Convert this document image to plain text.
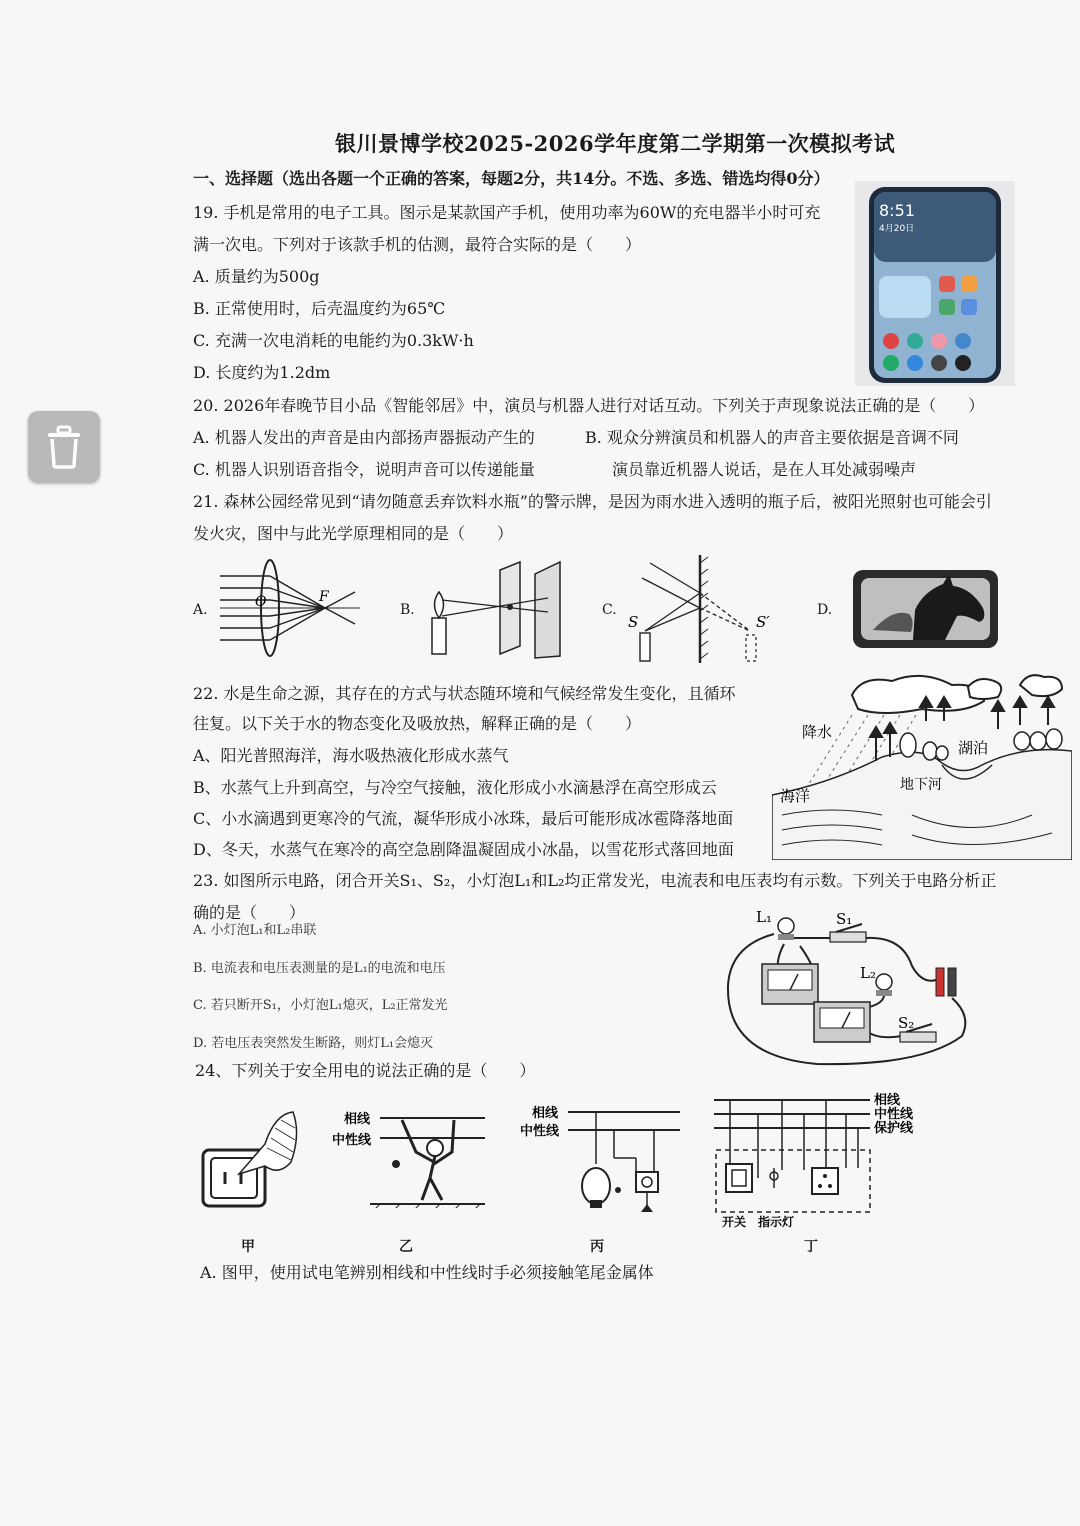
银川景博学校2025-2026学年度第二学期第一次模拟考试
一、选择题（选出各题一个正确的答案，每题2分，共14分。不选、多选、错选均得0分）
19. 手机是常用的电子工具。图示是某款国产手机，使用功率为60W的充电器半小时可充
满一次电。下列对于该款手机的估测，最符合实际的是（　　）
A. 质量约为500g
B. 正常使用时，后壳温度约为65℃
C. 充满一次电消耗的电能约为0.3kW·h
D. 长度约为1.2dm
8:51
4月20日
20. 2026年春晚节目小品《智能邻居》中，演员与机器人进行对话互动。下列关于声现象说法正确的是（　　）
A. 机器人发出的声音是由内部扬声器振动产生的	B. 观众分辨演员和机器人的声音主要依据是音调不同
C. 机器人识别语音指令，说明声音可以传递能量	演员靠近机器人说话，是在人耳处减弱噪声
21. 森林公园经常见到“请勿随意丢弃饮料水瓶”的警示牌，是因为雨水进入透明的瓶子后，被阳光照射也可能会引
发火灾，图中与此光学原理相同的是（　　）
A.	O	F
B.	C.
S	S′
D.
22. 水是生命之源，其存在的方式与状态随环境和气候经常发生变化，且循环
往复。以下关于水的物态变化及吸放热，解释正确的是（　　）
A、阳光普照海洋，海水吸热液化形成水蒸气
B、水蒸气上升到高空，与冷空气接触，液化形成小水滴悬浮在高空形成云
C、小水滴遇到更寒冷的气流，凝华形成小冰珠，最后可能形成冰雹降落地面
D、冬天，水蒸气在寒冷的高空急剧降温凝固成小冰晶，以雪花形式落回地面
降水
湖泊
海洋
地下河
23. 如图所示电路，闭合开关S₁、S₂，小灯泡L₁和L₂均正常发光，电流表和电压表均有示数。下列关于电路分析正
确的是（　　）
A. 小灯泡L₁和L₂串联
B. 电流表和电压表测量的是L₁的电流和电压
C. 若只断开S₁，小灯泡L₁熄灭，L₂正常发光
D. 若电压表突然发生断路，则灯L₁会熄灭
L₁	S₁
L₂
S₂
24、下列关于安全用电的说法正确的是（　　）
甲
相线
中性线
乙
相线
中性线
丙
相线
中性线
保护线
开关 指示灯
丁
A. 图甲，使用试电笔辨别相线和中性线时手必须接触笔尾金属体
